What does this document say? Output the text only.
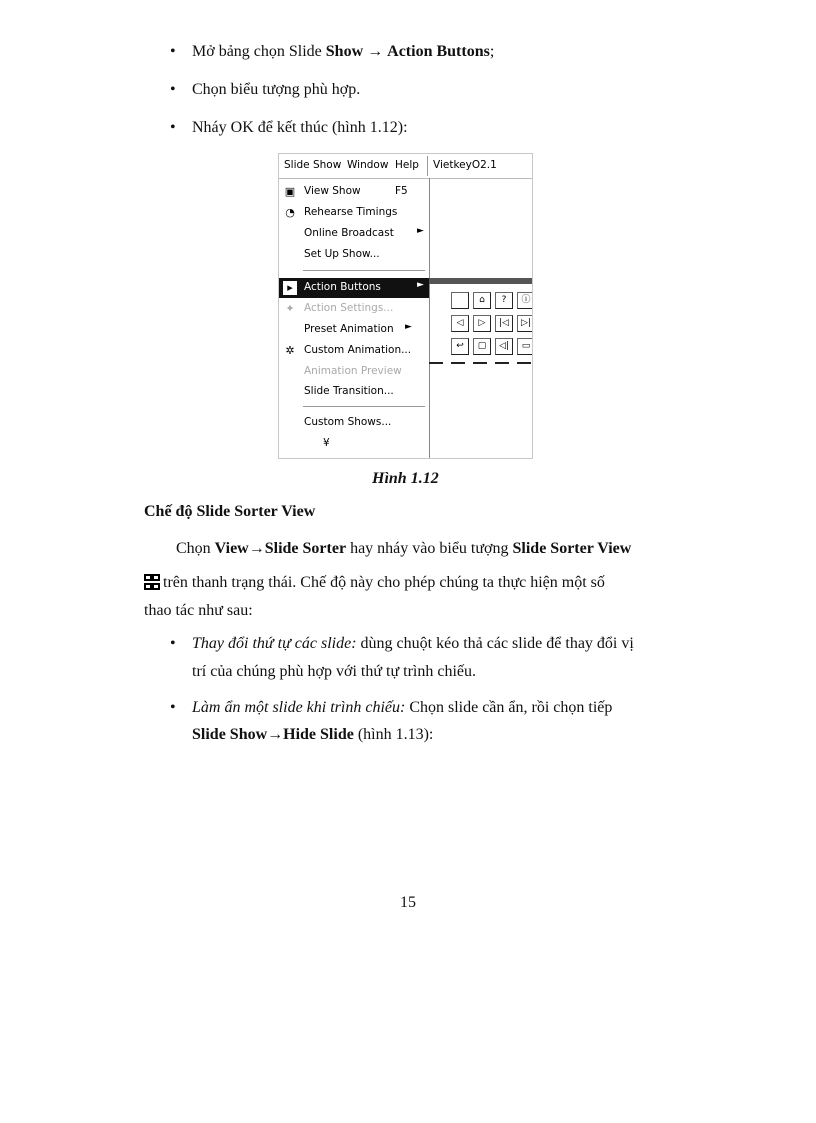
• Mở bảng chọn Slide Show → Action Buttons;
• Chọn biểu tượng phù hợp.
• Nháy OK để kết thúc (hình 1.12):
Slide Show Window Help VietkeyO2.1
▣ View Show	F5
◔ Rehearse Timings
Online Broadcast	►
Set Up Show...
▸	Action Buttons	►
✦ Action Settings...
Preset Animation ►
✲ Custom Animation...
Animation Preview
Slide Transition...
Custom Shows...
¥
⌂	?	ⓘ
◁	▷	|◁	▷|
↩	▢	◁|	▭
Hình 1.12
Chế độ Slide Sorter View
Chọn View→Slide Sorter hay nháy vào biểu tượng Slide Sorter View
trên thanh trạng thái. Chế độ này cho phép chúng ta thực hiện một số
thao tác như sau:
• Thay đổi thứ tự các slide: dùng chuột kéo thả các slide để thay đổi vị
trí của chúng phù hợp với thứ tự trình chiếu.
• Làm ẩn một slide khi trình chiếu: Chọn slide cần ẩn, rồi chọn tiếp
Slide Show→Hide Slide (hình 1.13):
15
